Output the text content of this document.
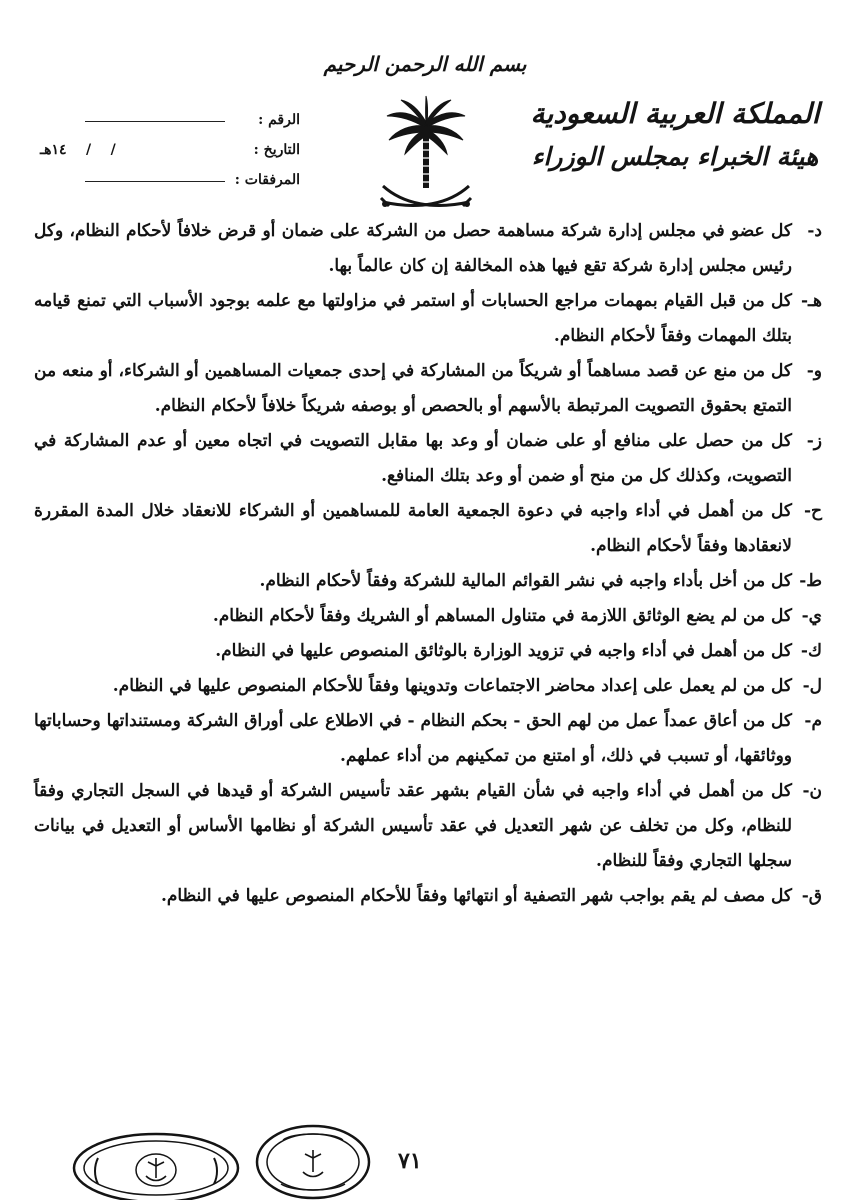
بسم الله الرحمن الرحيم
المملكة العربية السعودية
هيئة الخبراء بمجلس الوزراء
الرقم :
التاريخ :
/    /    ١٤هـ
المرفقات :

د-
كل عضو في مجلس إدارة شركة مساهمة حصل من الشركة على ضمان أو قرض خلافاً لأحكام النظام، وكل رئيس مجلس إدارة شركة تقع فيها هذه المخالفة إن كان عالماً بها.

هـ-
كل من قبل القيام بمهمات مراجع الحسابات أو استمر في مزاولتها مع علمه بوجود الأسباب التي تمنع قيامه بتلك المهمات وفقاً لأحكام النظام.

و-
كل من منع عن قصد مساهماً أو شريكاً من المشاركة في إحدى جمعيات المساهمين أو الشركاء، أو منعه من التمتع بحقوق التصويت المرتبطة بالأسهم أو بالحصص أو بوصفه شريكاً خلافاً لأحكام النظام.

ز-
كل من حصل على منافع أو على ضمان أو وعد بها مقابل التصويت في اتجاه معين أو عدم المشاركة في التصويت، وكذلك كل من منح أو ضمن أو وعد بتلك المنافع.

ح-
كل من أهمل في أداء واجبه في دعوة الجمعية العامة للمساهمين أو الشركاء للانعقاد خلال المدة المقررة لانعقادها وفقاً لأحكام النظام.

ط-
كل من أخل بأداء واجبه في نشر القوائم المالية للشركة وفقاً لأحكام النظام.

ي-
كل من لم يضع الوثائق اللازمة في متناول المساهم أو الشريك وفقاً لأحكام النظام.

ك-
كل من أهمل في أداء واجبه في تزويد الوزارة بالوثائق المنصوص عليها في النظام.

ل-
كل من لم يعمل على إعداد محاضر الاجتماعات وتدوينها وفقاً للأحكام المنصوص عليها في النظام.

م-
كل من أعاق عمداً عمل من لهم الحق - بحكم النظام - في الاطلاع على أوراق الشركة ومستنداتها وحساباتها ووثائقها، أو تسبب في ذلك، أو امتنع من تمكينهم من أداء عملهم.

ن-
كل من أهمل في أداء واجبه في شأن القيام بشهر عقد تأسيس الشركة أو قيدها في السجل التجاري وفقاً للنظام، وكل من تخلف عن شهر التعديل في عقد تأسيس الشركة أو نظامها الأساس أو التعديل في بيانات سجلها التجاري وفقاً للنظام.

ق-
كل مصف لم يقم بواجب شهر التصفية أو انتهائها وفقاً للأحكام المنصوص عليها في النظام.

٧١
